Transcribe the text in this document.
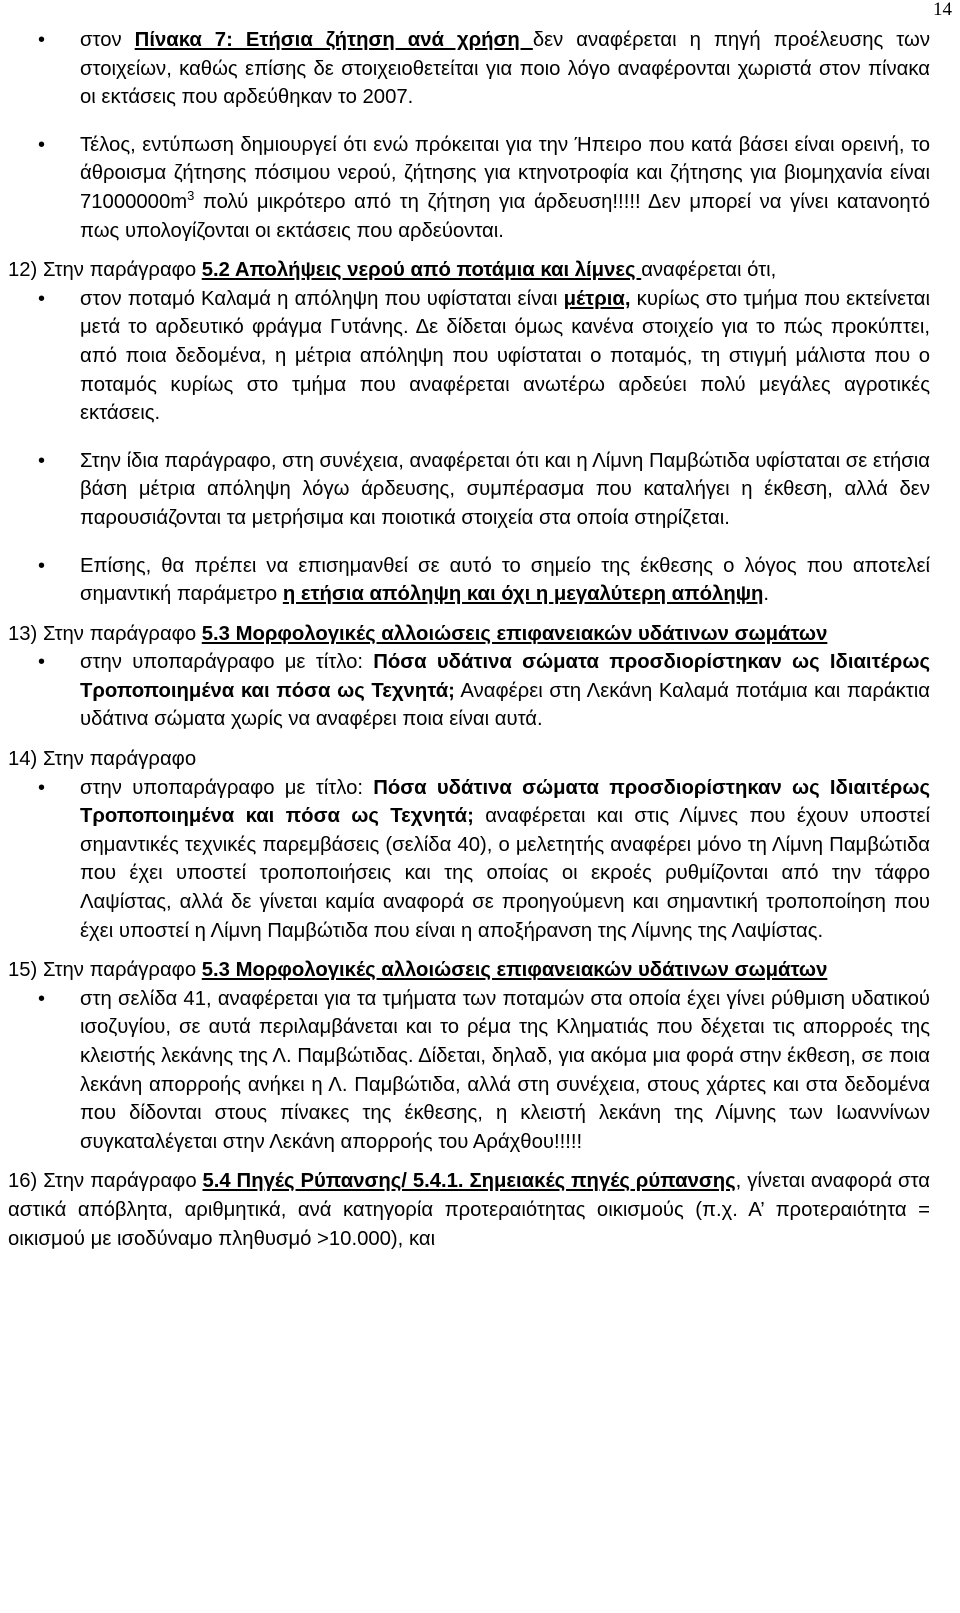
14
• στον Πίνακα 7: Ετήσια ζήτηση ανά χρήση δεν αναφέρεται η πηγή προέλευσης των στοιχείων, καθώς επίσης δε στοιχειοθετείται για ποιο λόγο αναφέρονται χωριστά στον πίνακα οι εκτάσεις που αρδεύθηκαν το 2007.
• Τέλος, εντύπωση δημιουργεί ότι ενώ πρόκειται για την Ήπειρο που κατά βάσει είναι ορεινή, το άθροισμα ζήτησης πόσιμου νερού, ζήτησης για κτηνοτροφία και ζήτησης για βιομηχανία είναι $71000000m^3$ πολύ μικρότερο από τη ζήτηση για άρδευση!!!!! Δεν μπορεί να γίνει κατανοητό πως υπολογίζονται οι εκτάσεις που αρδεύονται.
12) Στην παράγραφο 5.2 Απολήψεις νερού από ποτάμια και λίμνες αναφέρεται ότι,
• στον ποταμό Καλαμά η απόληψη που υφίσταται είναι μέτρια, κυρίως στο τμήμα που εκτείνεται μετά το αρδευτικό φράγμα Γυτάνης. Δε δίδεται όμως κανένα στοιχείο για το πώς προκύπτει, από ποια δεδομένα, η μέτρια απόληψη που υφίσταται ο ποταμός, τη στιγμή μάλιστα που ο ποταμός κυρίως στο τμήμα που αναφέρεται ανωτέρω αρδεύει πολύ μεγάλες αγροτικές εκτάσεις.
• Στην ίδια παράγραφο, στη συνέχεια, αναφέρεται ότι και η Λίμνη Παμβώτιδα υφίσταται σε ετήσια βάση μέτρια απόληψη λόγω άρδευσης, συμπέρασμα που καταλήγει η έκθεση, αλλά δεν παρουσιάζονται τα μετρήσιμα και ποιοτικά στοιχεία στα οποία στηρίζεται.
• Επίσης, θα πρέπει να επισημανθεί σε αυτό το σημείο της έκθεσης ο λόγος που αποτελεί σημαντική παράμετρο η ετήσια απόληψη και όχι η μεγαλύτερη απόληψη.
13) Στην παράγραφο 5.3 Μορφολογικές αλλοιώσεις επιφανειακών υδάτινων σωμάτων
• στην υποπαράγραφο με τίτλο: Πόσα υδάτινα σώματα προσδιορίστηκαν ως Ιδιαιτέρως Τροποποιημένα και πόσα ως Τεχνητά; Αναφέρει στη Λεκάνη Καλαμά ποτάμια και παράκτια υδάτινα σώματα χωρίς να αναφέρει ποια είναι αυτά.
14) Στην παράγραφο
• στην υποπαράγραφο με τίτλο: Πόσα υδάτινα σώματα προσδιορίστηκαν ως Ιδιαιτέρως Τροποποιημένα και πόσα ως Τεχνητά; αναφέρεται και στις Λίμνες που έχουν υποστεί σημαντικές τεχνικές παρεμβάσεις (σελίδα 40), ο μελετητής αναφέρει μόνο τη Λίμνη Παμβώτιδα που έχει υποστεί τροποποιήσεις και της οποίας οι εκροές ρυθμίζονται από την τάφρο Λαψίστας, αλλά δε γίνεται καμία αναφορά σε προηγούμενη και σημαντική τροποποίηση που έχει υποστεί η Λίμνη Παμβώτιδα που είναι η αποξήρανση της Λίμνης της Λαψίστας.
15) Στην παράγραφο 5.3 Μορφολογικές αλλοιώσεις επιφανειακών υδάτινων σωμάτων
• στη σελίδα 41, αναφέρεται για τα τμήματα των ποταμών στα οποία έχει γίνει ρύθμιση υδατικού ισοζυγίου, σε αυτά περιλαμβάνεται και το ρέμα της Κληματιάς που δέχεται τις απορροές της κλειστής λεκάνης της Λ. Παμβώτιδας. Δίδεται, δηλαδ, για ακόμα μια φορά στην έκθεση, σε ποια λεκάνη απορροής ανήκει η Λ. Παμβώτιδα, αλλά στη συνέχεια, στους χάρτες και στα δεδομένα που δίδονται στους πίνακες της έκθεσης, η κλειστή λεκάνη της Λίμνης των Ιωαννίνων συγκαταλέγεται στην Λεκάνη απορροής του Αράχθου!!!!!
16) Στην παράγραφο 5.4 Πηγές Ρύπανσης/ 5.4.1. Σημειακές πηγές ρύπανσης, γίνεται αναφορά στα αστικά απόβλητα, αριθμητικά, ανά κατηγορία προτεραιότητας οικισμούς (π.χ. Α’ προτεραιότητα = οικισμού με ισοδύναμο πληθυσμό >10.000), και
